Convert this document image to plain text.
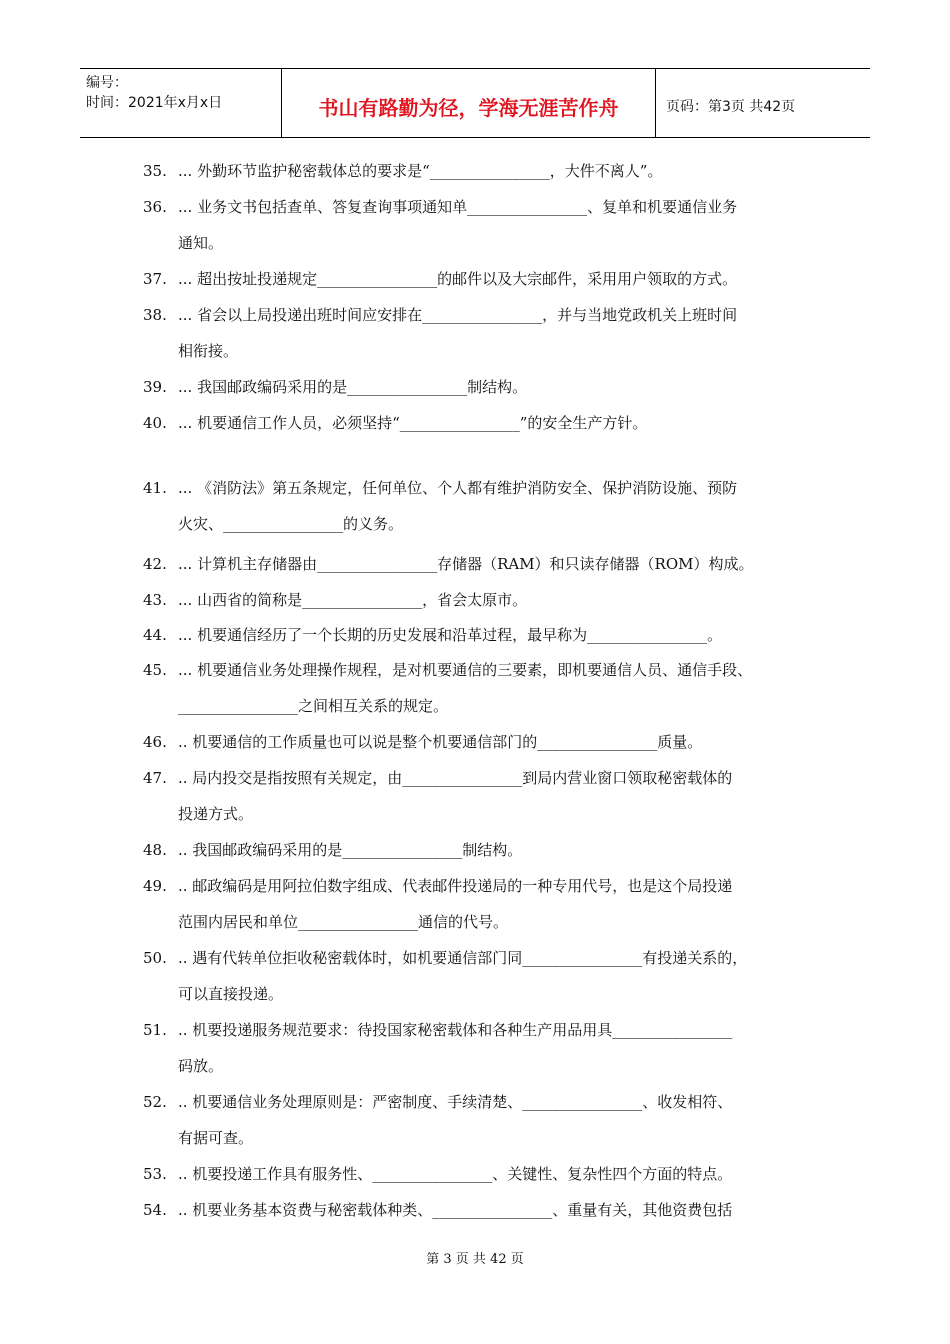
编号：
时间：2021年x月x日	书山有路勤为径，学海无涯苦作舟	页码：第3页 共42页
35. ... 外勤环节监护秘密载体总的要求是“________________，大件不离人”。
36. ... 业务文书包括查单、答复查询事项通知单________________、复单和机要通信业务
通知。
37. ... 超出按址投递规定________________的邮件以及大宗邮件，采用用户领取的方式。
38. ... 省会以上局投递出班时间应安排在________________，并与当地党政机关上班时间
相衔接。
39. ... 我国邮政编码采用的是________________制结构。
40. ... 机要通信工作人员，必须坚持“________________”的安全生产方针。
41. ... 《消防法》第五条规定，任何单位、个人都有维护消防安全、保护消防设施、预防
火灾、________________的义务。
42. ... 计算机主存储器由________________存储器（RAM）和只读存储器（ROM）构成。
43. ... 山西省的简称是________________，省会太原市。
44. ... 机要通信经历了一个长期的历史发展和沿革过程，最早称为________________。
45. ... 机要通信业务处理操作规程，是对机要通信的三要素，即机要通信人员、通信手段、
________________之间相互关系的规定。
46. .. 机要通信的工作质量也可以说是整个机要通信部门的________________质量。
47. .. 局内投交是指按照有关规定，由________________到局内营业窗口领取秘密载体的
投递方式。
48. .. 我国邮政编码采用的是________________制结构。
49. .. 邮政编码是用阿拉伯数字组成、代表邮件投递局的一种专用代号，也是这个局投递
范围内居民和单位________________通信的代号。
50. .. 遇有代转单位拒收秘密载体时，如机要通信部门同________________有投递关系的，
可以直接投递。
51. .. 机要投递服务规范要求：待投国家秘密载体和各种生产用品用具________________
码放。
52. .. 机要通信业务处理原则是：严密制度、手续清楚、________________、收发相符、
有据可查。
53. .. 机要投递工作具有服务性、________________、关键性、复杂性四个方面的特点。
54. .. 机要业务基本资费与秘密载体种类、________________、重量有关，其他资费包括
第 3 页 共 42 页
